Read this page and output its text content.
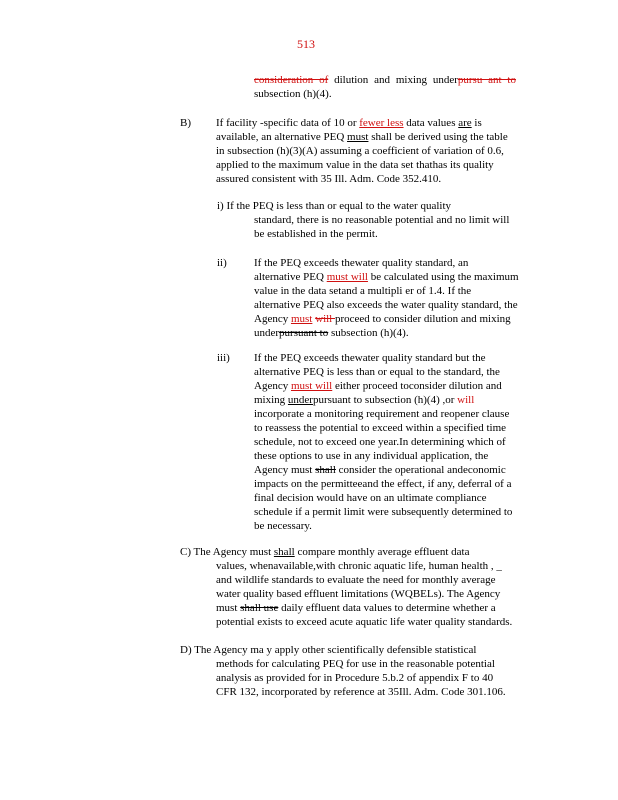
513
consideration of dilution and mixing underpursu ant to
subsection (h)(4).
B) If facility -specific data of 10 or fewer less data values are is
available, an alternative PEQ must shall be derived using the table
in subsection (h)(3)(A) assuming a coefficient of variation of 0.6,
applied to the maximum value in the data set thathas its quality
assured consistent with 35 Ill. Adm. Code 352.410.
i) If the PEQ is less than or equal to the water quality
standard, there is no reasonable potential and no limit will
be established in the permit.
ii) If the PEQ exceeds thewater quality standard, an
alternative PEQ must will be calculated using the maximum
value in the data setand a multipli er of 1.4. If the
alternative PEQ also exceeds the water quality standard, the
Agency must will proceed to consider dilution and mixing
underpursuant to subsection (h)(4).
iii) If the PEQ exceeds thewater quality standard but the
alternative PEQ is less than or equal to the standard, the
Agency must will either proceed toconsider dilution and
mixing underpursuant to subsection (h)(4) ,or will
incorporate a monitoring requirement and reopener clause
to reassess the potential to exceed within a specified time
schedule, not to exceed one year.In determining which of
these options to use in any individual application, the
Agency must shall consider the operational andeconomic
impacts on the permitteeand the effect, if any, deferral of a
final decision would have on an ultimate compliance
schedule if a permit limit were subsequently determined to
be necessary.
C) The Agency must shall compare monthly average effluent data
values, whenavailable,with chronic aquatic life, human health , _
and wildlife standards to evaluate the need for monthly average
water quality based effluent limitations (WQBELs). The Agency
must shall use daily effluent data values to determine whether a
potential exists to exceed acute aquatic life water quality standards.
D) The Agency ma y apply other scientifically defensible statistical
methods for calculating PEQ for use in the reasonable potential
analysis as provided for in Procedure 5.b.2 of appendix F to 40
CFR 132, incorporated by reference at 35Ill. Adm. Code 301.106.
